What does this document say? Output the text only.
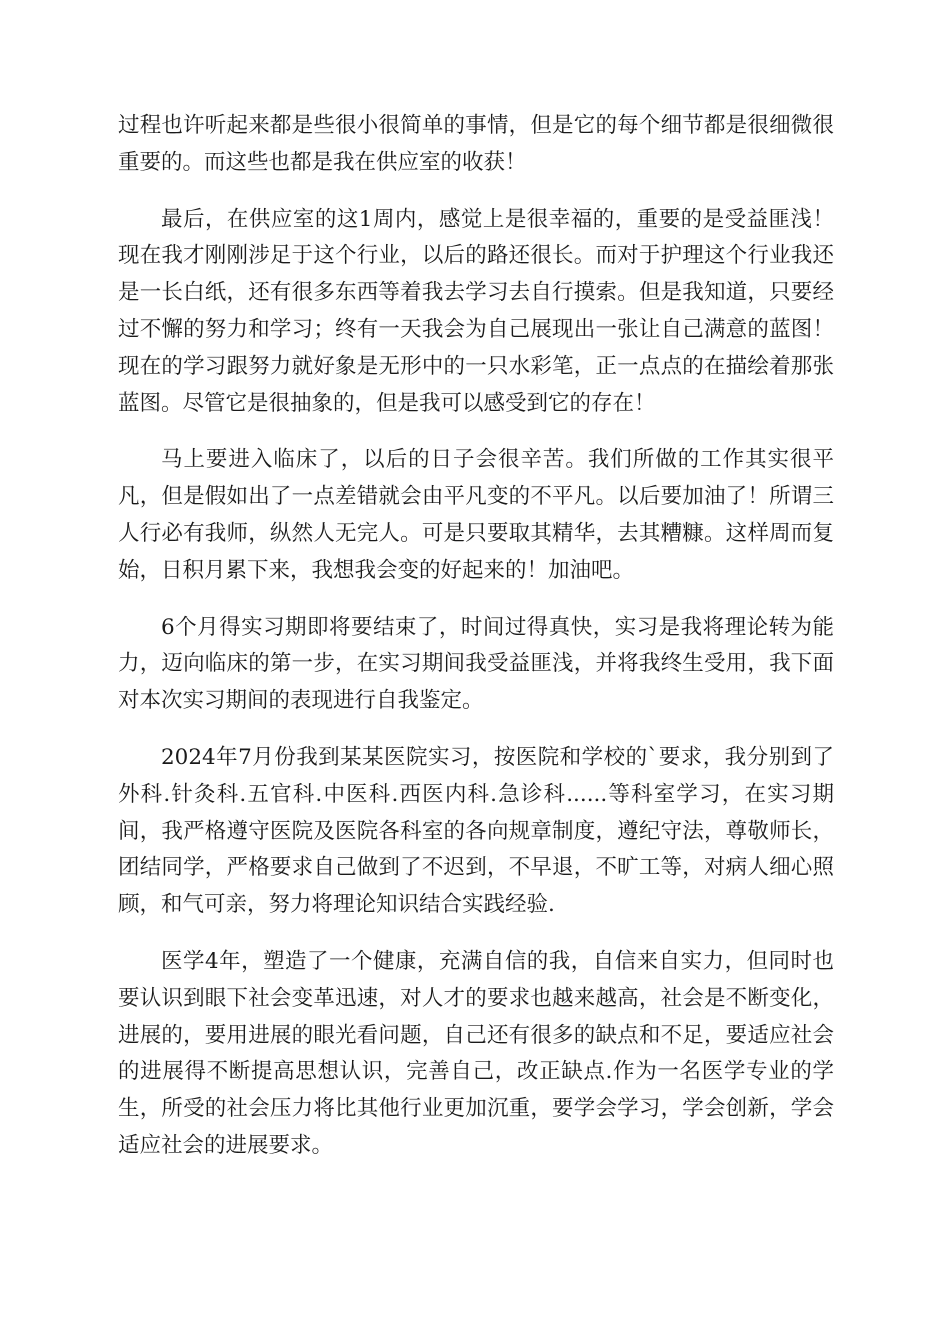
过程也许听起来都是些很小很简单的事情，但是它的每个细节都是很细微很重要的。而这些也都是我在供应室的收获！

最后，在供应室的这1周内，感觉上是很幸福的，重要的是受益匪浅！现在我才刚刚涉足于这个行业，以后的路还很长。而对于护理这个行业我还是一长白纸，还有很多东西等着我去学习去自行摸索。但是我知道，只要经过不懈的努力和学习；终有一天我会为自己展现出一张让自己满意的蓝图！现在的学习跟努力就好象是无形中的一只水彩笔，正一点点的在描绘着那张蓝图。尽管它是很抽象的，但是我可以感受到它的存在！

马上要进入临床了，以后的日子会很辛苦。我们所做的工作其实很平凡，但是假如出了一点差错就会由平凡变的不平凡。以后要加油了！所谓三人行必有我师，纵然人无完人。可是只要取其精华，去其糟糠。这样周而复始，日积月累下来，我想我会变的好起来的！加油吧。

6个月得实习期即将要结束了，时间过得真快，实习是我将理论转为能力，迈向临床的第一步，在实习期间我受益匪浅，并将我终生受用，我下面对本次实习期间的表现进行自我鉴定。

2024年7月份我到某某医院实习，按医院和学校的`要求，我分别到了外科.针灸科.五官科.中医科.西医内科.急诊科......等科室学习，在实习期间，我严格遵守医院及医院各科室的各向规章制度，遵纪守法，尊敬师长，团结同学，严格要求自己做到了不迟到，不早退，不旷工等，对病人细心照顾，和气可亲，努力将理论知识结合实践经验.

医学4年，塑造了一个健康，充满自信的我，自信来自实力，但同时也要认识到眼下社会变革迅速，对人才的要求也越来越高，社会是不断变化，进展的，要用进展的眼光看问题，自己还有很多的缺点和不足，要适应社会的进展得不断提高思想认识，完善自己，改正缺点.作为一名医学专业的学生，所受的社会压力将比其他行业更加沉重，要学会学习，学会创新，学会适应社会的进展要求。
